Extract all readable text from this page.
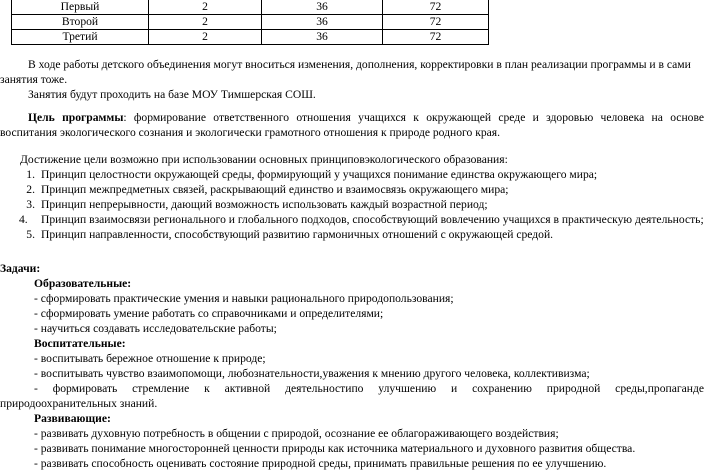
Первый	2	36	72
Второй	2	36	72
Третий	2	36	72

В ходе работы детского объединения могут вноситься изменения, дополнения, корректировки в план реализации программы и в сами занятия тоже.

Занятия будут проходить на базе МОУ Тимшерская СОШ.

Цель программы: формирование ответственного отношения учащихся к окружающей среде и здоровью человека на основе воспитания экологического сознания и экологически грамотного отношения к природе родного края.

Достижение цели возможно при использовании основных принциповэкологического образования:

1. Принцип целостности окружающей среды, формирующий у учащихся понимание единства окружающего мира;
2. Принцип межпредметных связей, раскрывающий единство и взаимосвязь окружающего мира;
3. Принцип непрерывности, дающий возможность использовать каждый возрастной период;
4. Принцип взаимосвязи регионального и глобального подходов, способствующий вовлечению учащихся в практическую деятельность;
5. Принцип направленности, способствующий развитию гармоничных отношений с окружающей средой.

Задачи:

Образовательные:

- сформировать практические умения и навыки рационального природопользования;

- сформировать умение работать со справочниками и определителями;

- научиться создавать исследовательские работы;

Воспитательные:

- воспитывать бережное отношение к природе;

- воспитывать чувство взаимопомощи, любознательности,уважения к мнению другого человека, коллективизма;

- формировать стремление к активной деятельностипо улучшению и сохранению природной среды,пропаганде природоохранительных знаний.

Развивающие:

- развивать духовную потребность в общении с природой, осознание ее облагораживающего воздействия;

- развивать понимание многосторонней ценности природы как источника материального и духовного развития общества.

- развивать способность оценивать состояние природной среды, принимать правильные решения по ее улучшению.
